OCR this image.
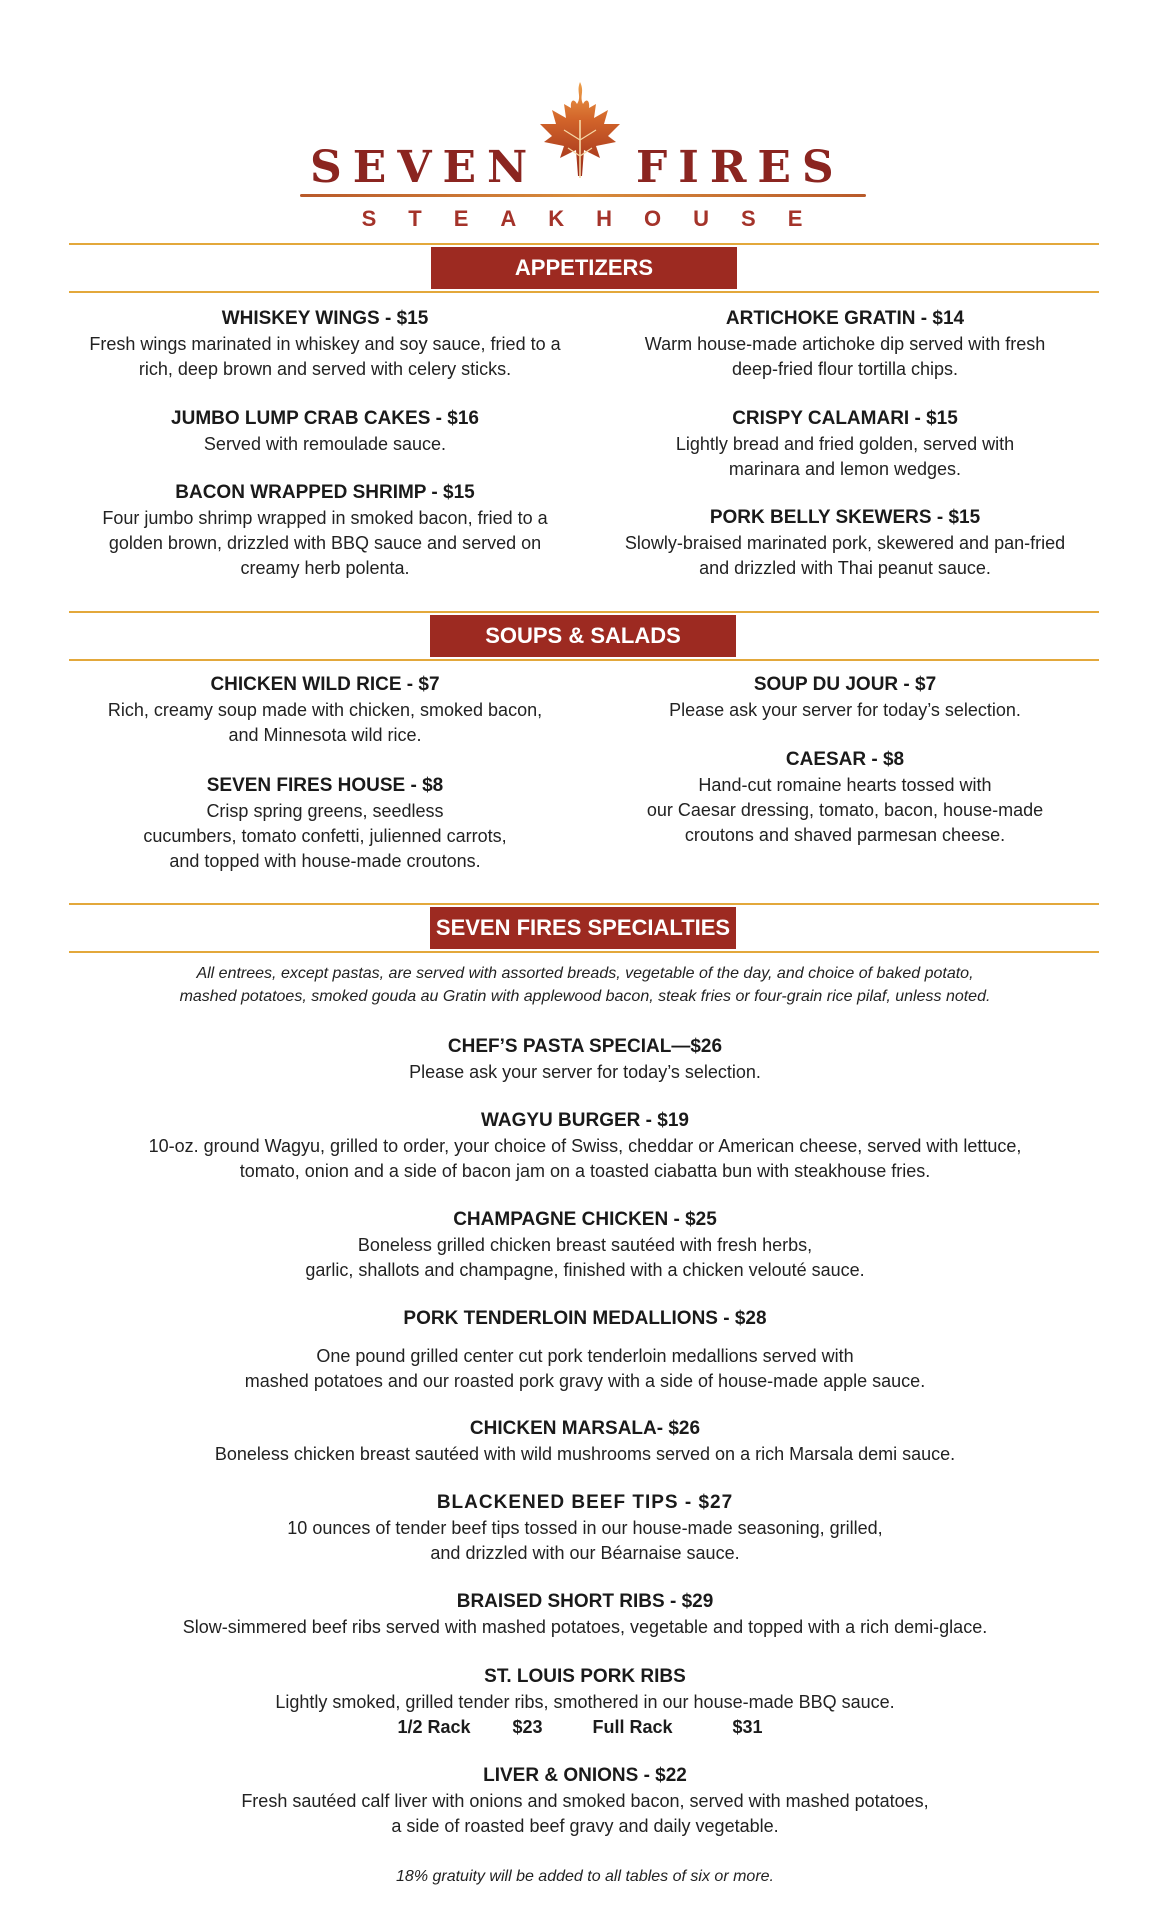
SEVEN FIRES
STEAKHOUSE
APPETIZERS
WHISKEY WINGS - $15
Fresh wings marinated in whiskey and soy sauce, fried to a
rich, deep brown and served with celery sticks.
JUMBO LUMP CRAB CAKES - $16
Served with remoulade sauce.
BACON WRAPPED SHRIMP - $15
Four jumbo shrimp wrapped in smoked bacon, fried to a
golden brown, drizzled with BBQ sauce and served on
creamy herb polenta.
ARTICHOKE GRATIN - $14
Warm house-made artichoke dip served with fresh
deep-fried flour tortilla chips.
CRISPY CALAMARI - $15
Lightly bread and fried golden, served with
marinara and lemon wedges.
PORK BELLY SKEWERS - $15
Slowly-braised marinated pork, skewered and pan-fried
and drizzled with Thai peanut sauce.
SOUPS & SALADS
CHICKEN WILD RICE - $7
Rich, creamy soup made with chicken, smoked bacon,
and Minnesota wild rice.
SEVEN FIRES HOUSE - $8
Crisp spring greens, seedless
cucumbers, tomato confetti, julienned carrots,
and topped with house-made croutons.
SOUP DU JOUR - $7
Please ask your server for today’s selection.
CAESAR - $8
Hand-cut romaine hearts tossed with
our Caesar dressing, tomato, bacon, house-made
croutons and shaved parmesan cheese.
SEVEN FIRES SPECIALTIES
All entrees, except pastas, are served with assorted breads, vegetable of the day, and choice of baked potato,
mashed potatoes, smoked gouda au Gratin with applewood bacon, steak fries or four-grain rice pilaf, unless noted.
CHEF’S PASTA SPECIAL—$26
Please ask your server for today’s selection.
WAGYU BURGER - $19
10-oz. ground Wagyu, grilled to order, your choice of Swiss, cheddar or American cheese, served with lettuce,
tomato, onion and a side of bacon jam on a toasted ciabatta bun with steakhouse fries.
CHAMPAGNE CHICKEN - $25
Boneless grilled chicken breast sautéed with fresh herbs,
garlic, shallots and champagne, finished with a chicken velouté sauce.
PORK TENDERLOIN MEDALLIONS - $28
One pound grilled center cut pork tenderloin medallions served with
mashed potatoes and our roasted pork gravy with a side of house-made apple sauce.
CHICKEN MARSALA- $26
Boneless chicken breast sautéed with wild mushrooms served on a rich Marsala demi sauce.
BLACKENED BEEF TIPS - $27
10 ounces of tender beef tips tossed in our house-made seasoning, grilled,
and drizzled with our Béarnaise sauce.
BRAISED SHORT RIBS - $29
Slow-simmered beef ribs served with mashed potatoes, vegetable and topped with a rich demi-glace.
ST. LOUIS PORK RIBS
Lightly smoked, grilled tender ribs, smothered in our house-made BBQ sauce.
1/2 Rack	$23	Full Rack	$31
LIVER & ONIONS - $22
Fresh sautéed calf liver with onions and smoked bacon, served with mashed potatoes,
a side of roasted beef gravy and daily vegetable.
18% gratuity will be added to all tables of six or more.
